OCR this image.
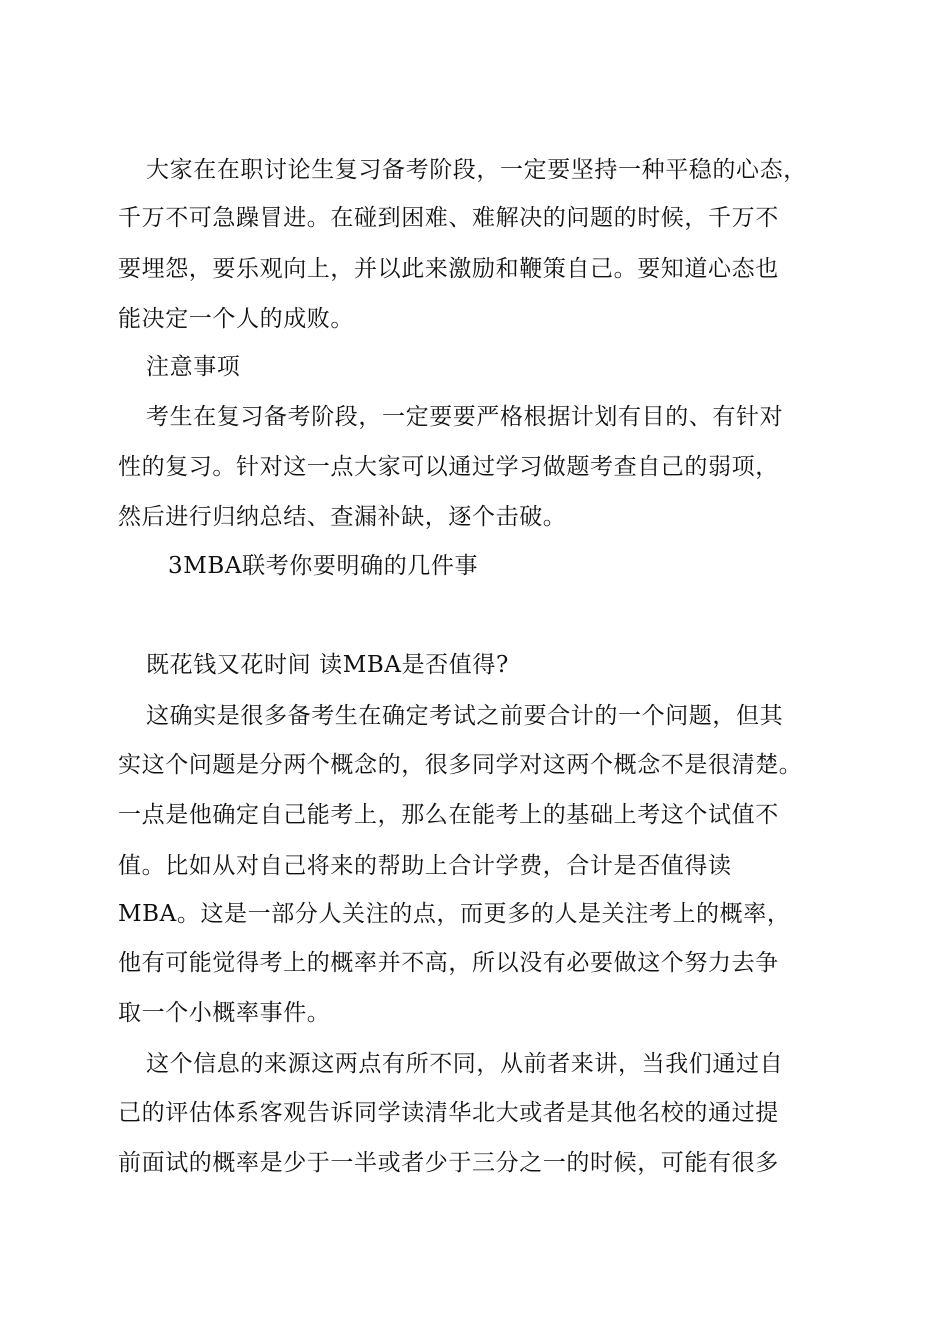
大家在在职讨论生复习备考阶段，一定要坚持一种平稳的心态，
千万不可急躁冒进。在碰到困难、难解决的问题的时候，千万不
要埋怨，要乐观向上，并以此来激励和鞭策自己。要知道心态也
能决定一个人的成败。
注意事项
考生在复习备考阶段，一定要要严格根据计划有目的、有针对
性的复习。针对这一点大家可以通过学习做题考查自己的弱项，
然后进行归纳总结、查漏补缺，逐个击破。
3MBA联考你要明确的几件事
既花钱又花时间 读MBA是否值得?
这确实是很多备考生在确定考试之前要合计的一个问题，但其
实这个问题是分两个概念的，很多同学对这两个概念不是很清楚。
一点是他确定自己能考上，那么在能考上的基础上考这个试值不
值。比如从对自己将来的帮助上合计学费，合计是否值得读
MBA。这是一部分人关注的点，而更多的人是关注考上的概率，
他有可能觉得考上的概率并不高，所以没有必要做这个努力去争
取一个小概率事件。
这个信息的来源这两点有所不同，从前者来讲，当我们通过自
己的评估体系客观告诉同学读清华北大或者是其他名校的通过提
前面试的概率是少于一半或者少于三分之一的时候，可能有很多
